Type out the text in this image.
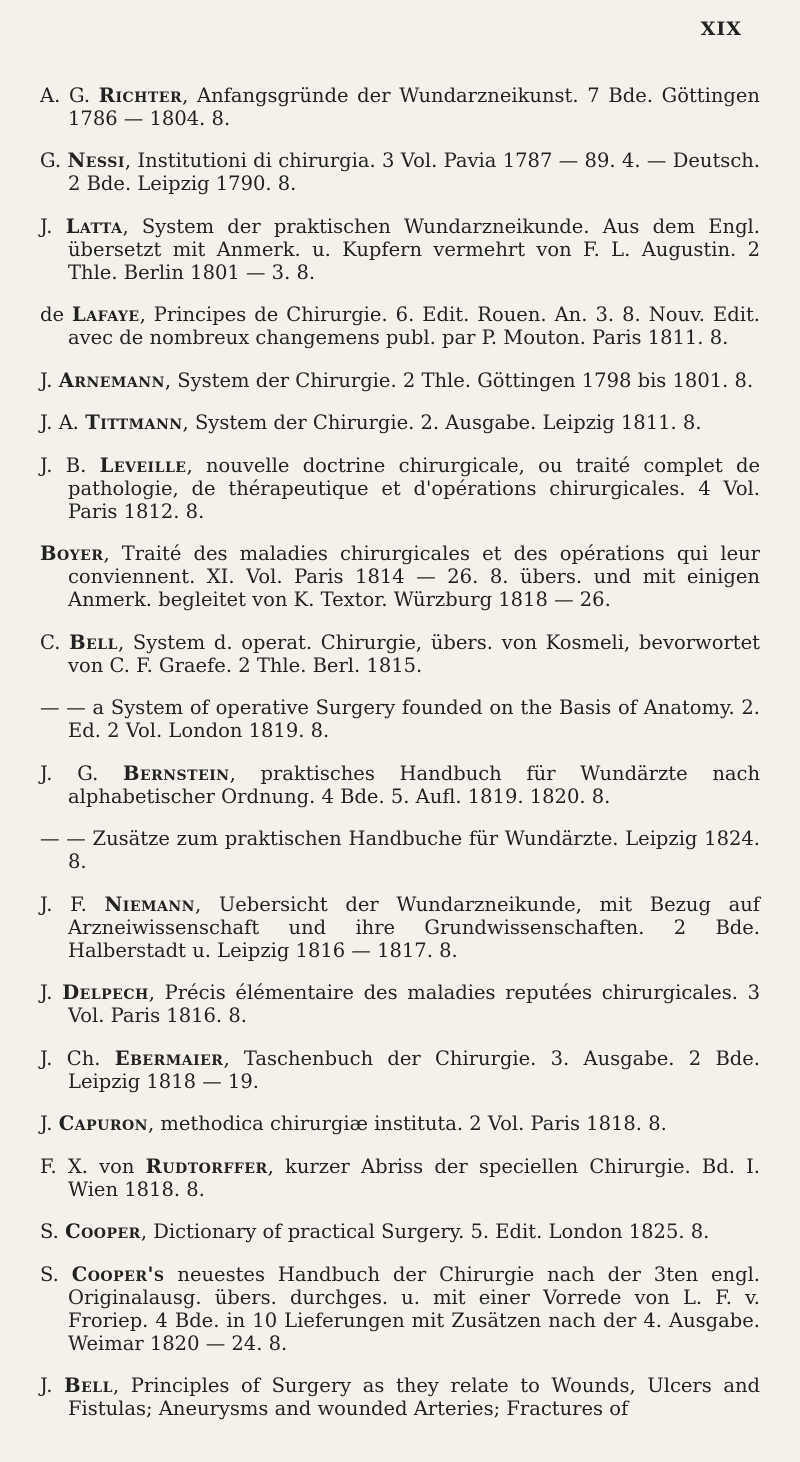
XIX

A. G. Richter, Anfangsgründe der Wundarzneikunst. 7 Bde. Göttingen 1786 — 1804. 8.

G. Nessi, Institutioni di chirurgia. 3 Vol. Pavia 1787 — 89. 4. — Deutsch. 2 Bde. Leipzig 1790. 8.

J. Latta, System der praktischen Wundarzneikunde. Aus dem Engl. übersetzt mit Anmerk. u. Kupfern vermehrt von F. L. Augustin. 2 Thle. Berlin 1801 — 3. 8.

de Lafaye, Principes de Chirurgie. 6. Edit. Rouen. An. 3. 8. Nouv. Edit. avec de nombreux changemens publ. par P. Mouton. Paris 1811. 8.

J. Arnemann, System der Chirurgie. 2 Thle. Göttingen 1798 bis 1801. 8.

J. A. Tittmann, System der Chirurgie. 2. Ausgabe. Leipzig 1811. 8.

J. B. Leveille, nouvelle doctrine chirurgicale, ou traité complet de pathologie, de thérapeutique et d'opérations chirurgicales. 4 Vol. Paris 1812. 8.

Boyer, Traité des maladies chirurgicales et des opérations qui leur conviennent. XI. Vol. Paris 1814 — 26. 8. übers. und mit einigen Anmerk. begleitet von K. Textor. Würzburg 1818 — 26.

C. Bell, System d. operat. Chirurgie, übers. von Kosmeli, bevorwortet von C. F. Graefe. 2 Thle. Berl. 1815.

— — a System of operative Surgery founded on the Basis of Anatomy. 2. Ed. 2 Vol. London 1819. 8.

J. G. Bernstein, praktisches Handbuch für Wundärzte nach alphabetischer Ordnung. 4 Bde. 5. Aufl. 1819. 1820. 8.

— — Zusätze zum praktischen Handbuche für Wundärzte. Leipzig 1824. 8.

J. F. Niemann, Uebersicht der Wundarzneikunde, mit Bezug auf Arzneiwissenschaft und ihre Grundwissenschaften. 2 Bde. Halberstadt u. Leipzig 1816 — 1817. 8.

J. Delpech, Précis élémentaire des maladies reputées chirurgicales. 3 Vol. Paris 1816. 8.

J. Ch. Ebermaier, Taschenbuch der Chirurgie. 3. Ausgabe. 2 Bde. Leipzig 1818 — 19.

J. Capuron, methodica chirurgiæ instituta. 2 Vol. Paris 1818. 8.

F. X. von Rudtorffer, kurzer Abriss der speciellen Chirurgie. Bd. I. Wien 1818. 8.

S. Cooper, Dictionary of practical Surgery. 5. Edit. London 1825. 8.

S. Cooper's neuestes Handbuch der Chirurgie nach der 3ten engl. Originalausg. übers. durchges. u. mit einer Vorrede von L. F. v. Froriep. 4 Bde. in 10 Lieferungen mit Zusätzen nach der 4. Ausgabe. Weimar 1820 — 24. 8.

J. Bell, Principles of Surgery as they relate to Wounds, Ulcers and Fistulas; Aneurysms and wounded Arteries; Fractures of
